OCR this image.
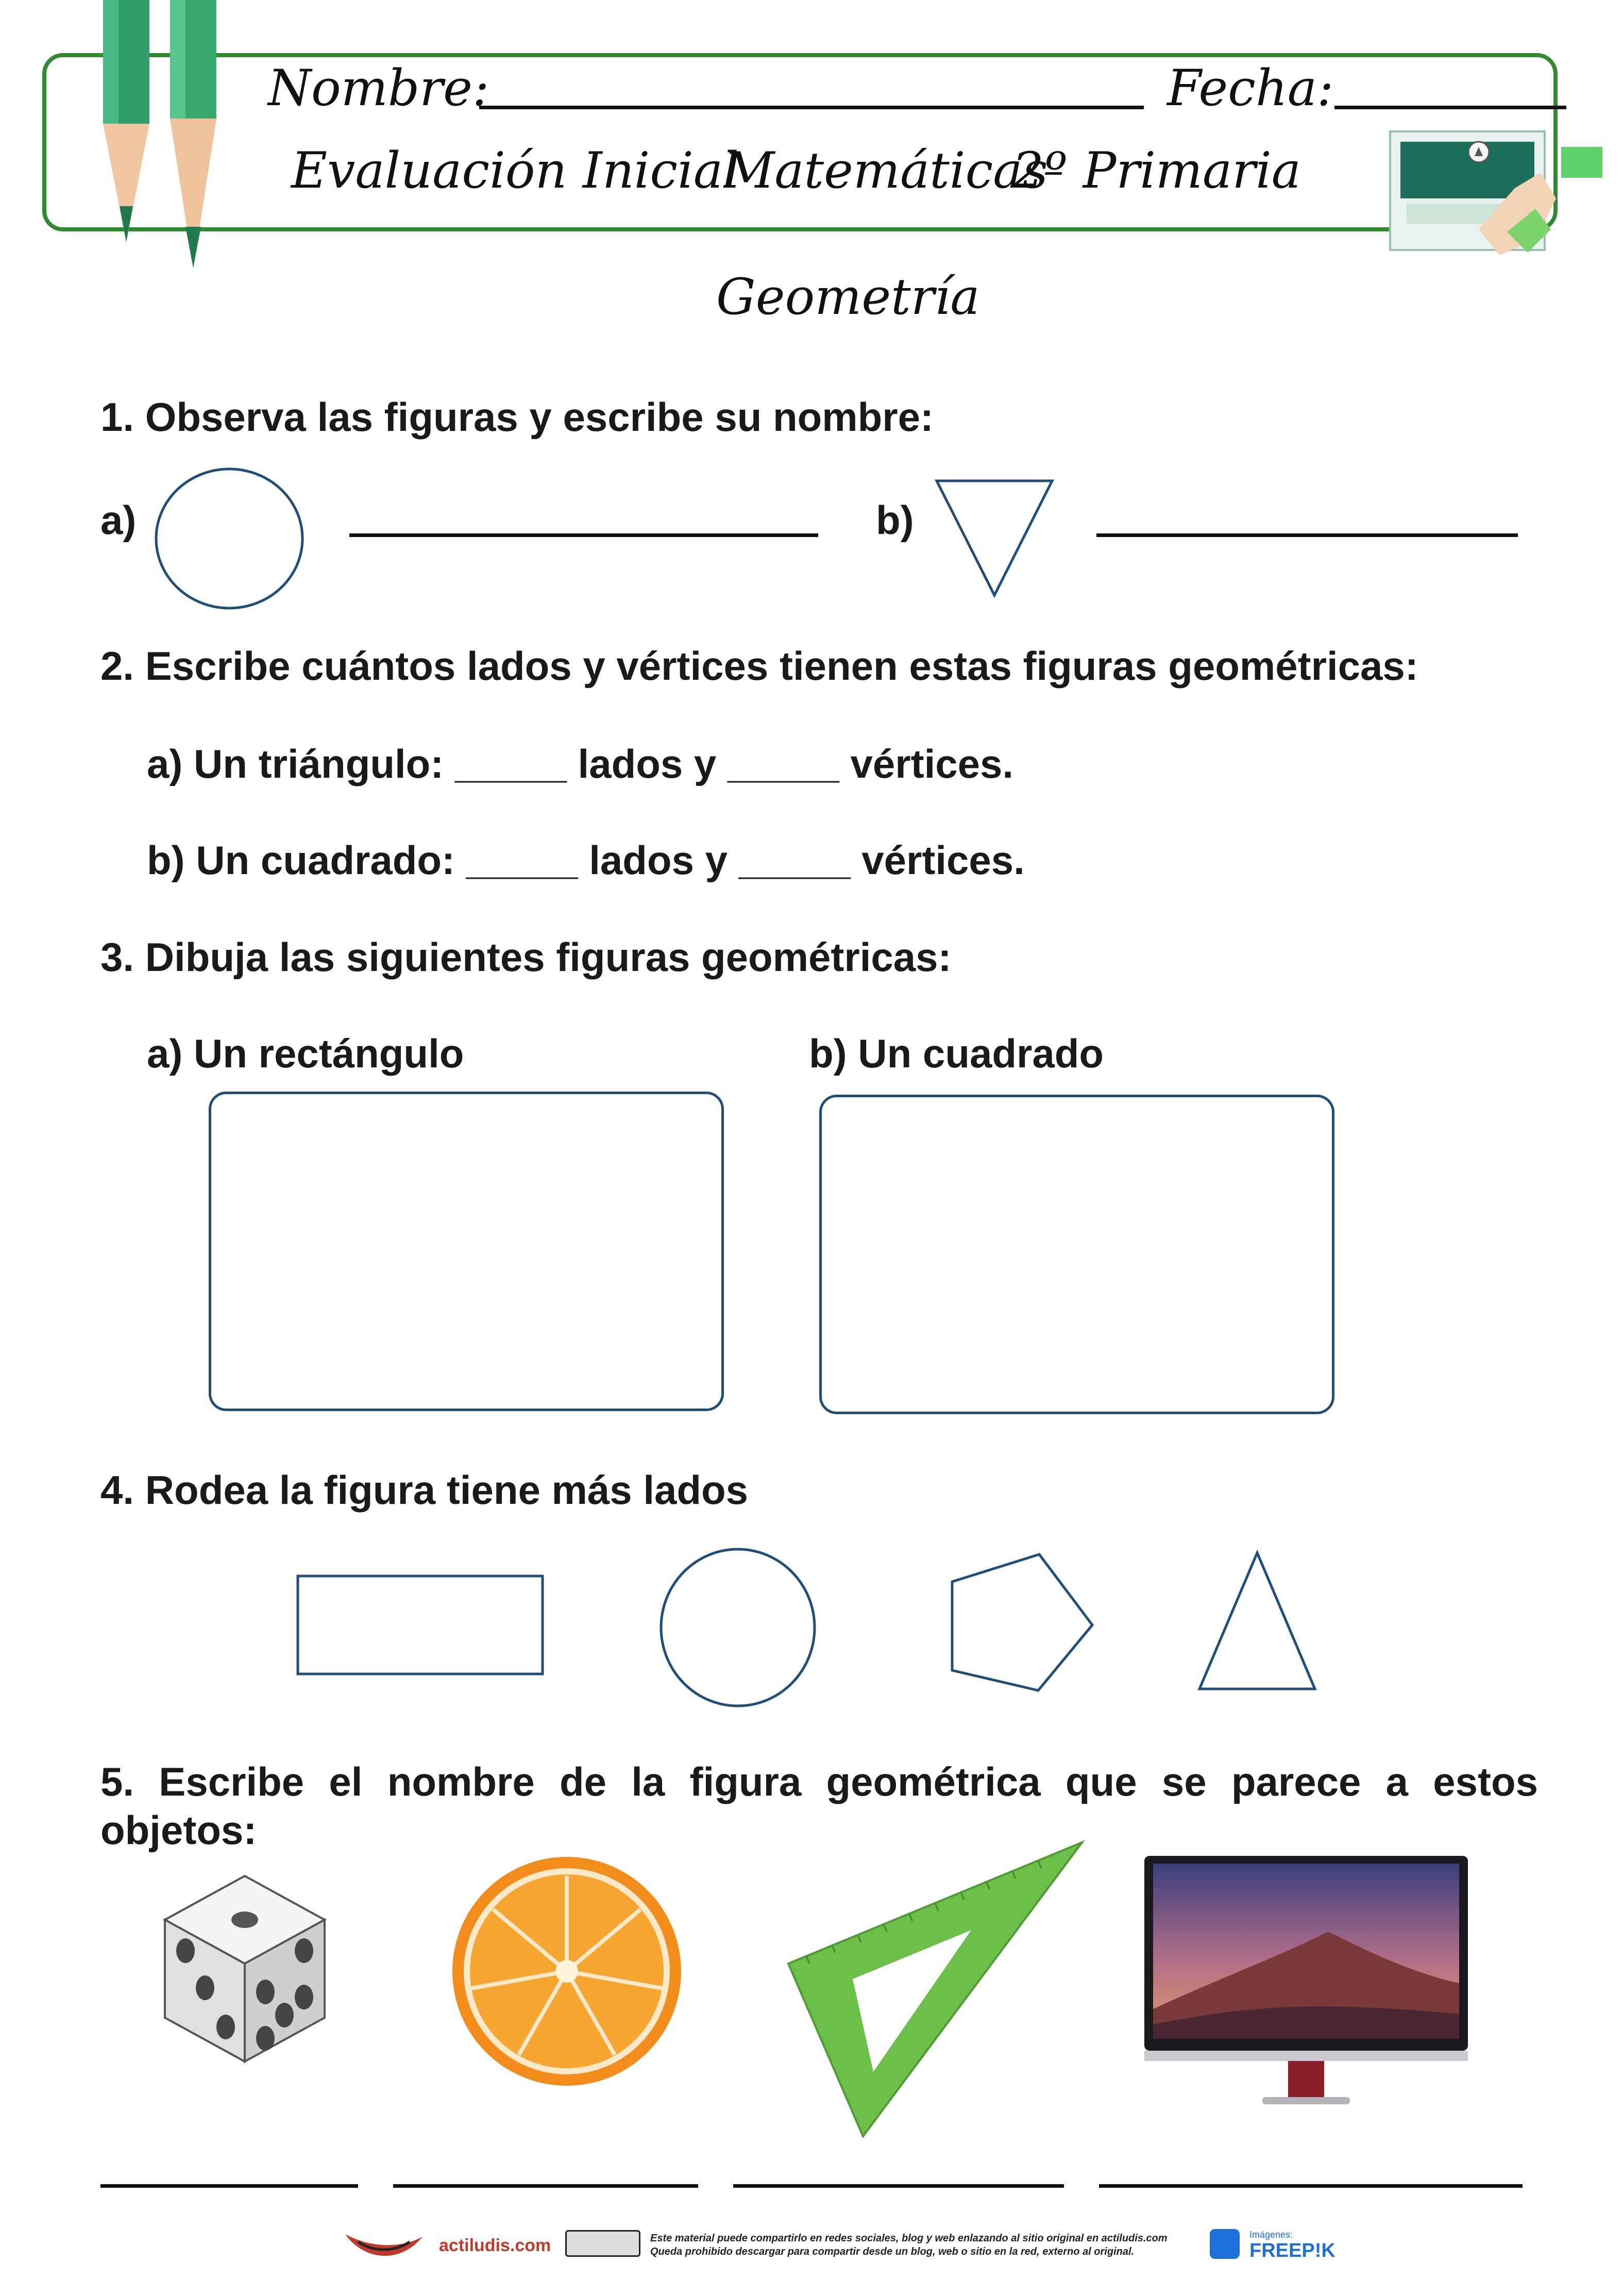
Nombre:	Fecha:
Evaluación Inicial
Matemáticas
2º Primaria
Geometría
1. Observa las figuras y escribe su nombre:
a)	b)
2. Escribe cuántos lados y vértices tienen estas figuras geométricas:
a) Un triángulo: _____ lados y _____ vértices.
b) Un cuadrado: _____ lados y _____ vértices.
3. Dibuja las siguientes figuras geométricas:
a) Un rectángulo	b) Un cuadrado
4. Rodea la figura tiene más lados
5. Escribe el nombre de la figura geométrica que se parece a estos
objetos:
actiludis.com	Este material puede compartirlo en redes sociales, blog y web enlazando al sitio original en actiludis.com
Queda prohibido descargar para compartir desde un blog, web o sitio en la red, externo al original.
Imágenes:
FREEP!K
